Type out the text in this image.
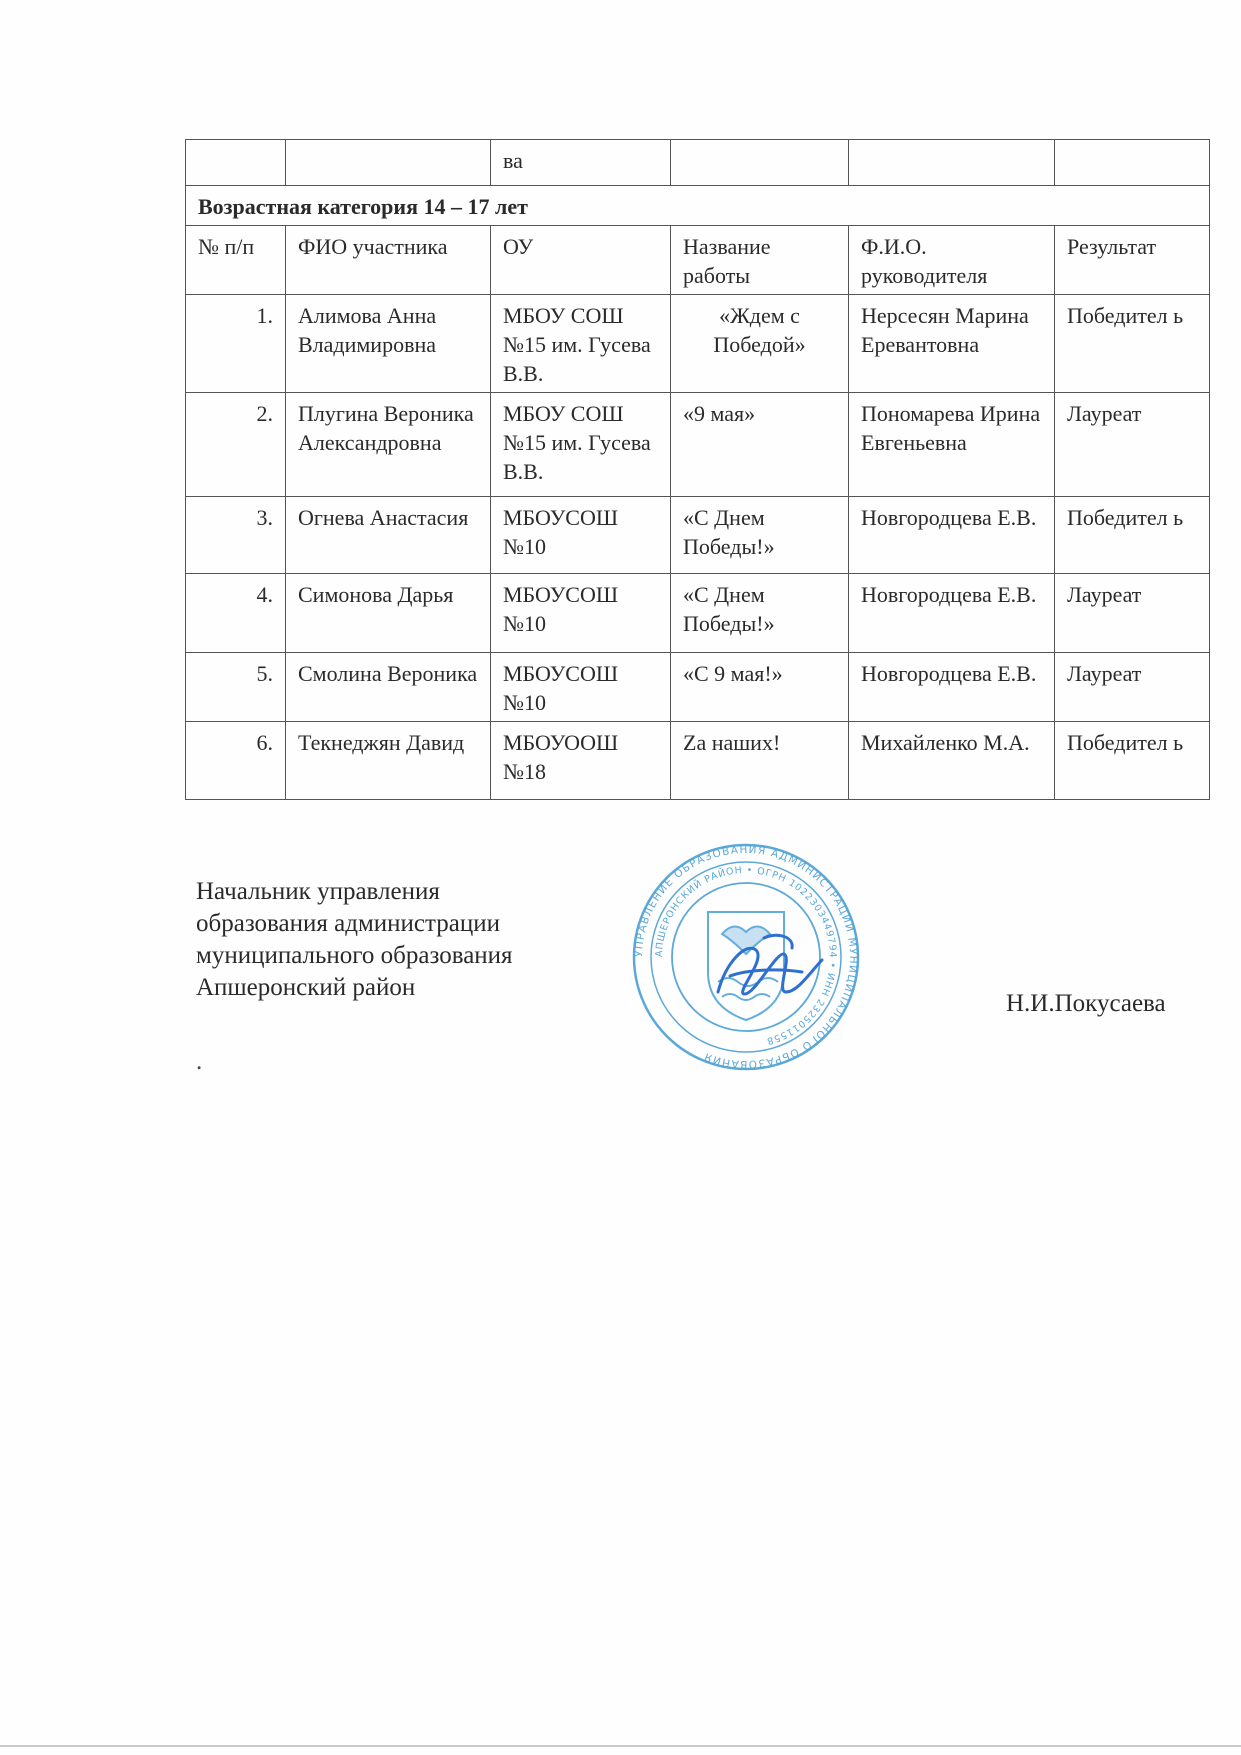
		ва			
Возрастная категория 14 – 17 лет					
№ п/п	ФИО участника	ОУ	Название работы	Ф.И.О. руководителя	Результат
1.	Алимова Анна Владимировна	МБОУ СОШ №15 им. Гусева В.В.	«Ждем с Победой»	Нерсесян Марина Еревантовна	Победител ь
2.	Плугина Вероника Александровна	МБОУ СОШ №15 им. Гусева В.В.	«9 мая»	Пономарева Ирина Евгеньевна	Лауреат
3.	Огнева Анастасия	МБОУСОШ №10	«С Днем Победы!»	Новгородцева Е.В.	Победител ь
4.	Симонова Дарья	МБОУСОШ №10	«С Днем Победы!»	Новгородцева Е.В.	Лауреат
5.	Смолина Вероника	МБОУСОШ №10	«С 9 мая!»	Новгородцева Е.В.	Лауреат
6.	Текнеджян Давид	МБОУООШ №18	Zа наших!	Михайленко М.А.	Победител ь
Начальник управления
образования администрации
муниципального образования
Апшеронский район
.
УПРАВЛЕНИЕ ОБРАЗОВАНИЯ АДМИНИСТРАЦИИ МУНИЦИПАЛЬНОГО ОБРАЗОВАНИЯ
АПШЕРОНСКИЙ РАЙОН • ОГРН 1022303449794 • ИНН 2325011558
Н.И.Покусаева
